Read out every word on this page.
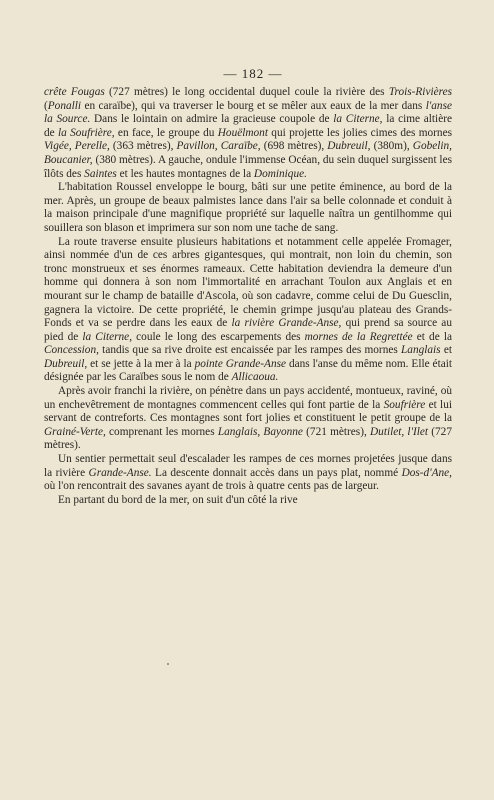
— 182 —

crête Fougas (727 mètres) le long occidental duquel coule la rivière des Trois-Rivières (Ponalli en caraïbe), qui va traverser le bourg et se mêler aux eaux de la mer dans l'anse la Source. Dans le lointain on admire la gracieuse coupole de la Citerne, la cime altière de la Soufrière, en face, le groupe du Houëlmont qui projette les jolies cimes des mornes Vigée, Perelle, (363 mètres), Pavillon, Caraïbe, (698 mètres), Dubreuil, (380m), Gobelin, Boucanier, (380 mètres). A gauche, ondule l'immense Océan, du sein duquel surgissent les îlôts des Saintes et les hautes montagnes de la Dominique.

L'habitation Roussel enveloppe le bourg, bâti sur une petite éminence, au bord de la mer. Après, un groupe de beaux palmistes lance dans l'air sa belle colonnade et conduit à la maison principale d'une magnifique propriété sur laquelle naîtra un gentilhomme qui souillera son blason et imprimera sur son nom une tache de sang.

La route traverse ensuite plusieurs habitations et notamment celle appelée Fromager, ainsi nommée d'un de ces arbres gigantesques, qui montrait, non loin du chemin, son tronc monstrueux et ses énormes rameaux. Cette habitation deviendra la demeure d'un homme qui donnera à son nom l'immortalité en arrachant Toulon aux Anglais et en mourant sur le champ de bataille d'Ascola, où son cadavre, comme celui de Du Guesclin, gagnera la victoire. De cette propriété, le chemin grimpe jusqu'au plateau des Grands-Fonds et va se perdre dans les eaux de la rivière Grande-Anse, qui prend sa source au pied de la Citerne, coule le long des escarpements des mornes de la Regrettée et de la Concession, tandis que sa rive droite est encaissée par les rampes des mornes Langlais et Dubreuil, et se jette à la mer à la pointe Grande-Anse dans l'anse du même nom. Elle était désignée par les Caraïbes sous le nom de Allicaoua.

Après avoir franchi la rivière, on pénètre dans un pays accidenté, montueux, raviné, où un enchevêtrement de montagnes commencent celles qui font partie de la Soufrière et lui servant de contreforts. Ces montagnes sont fort jolies et constituent le petit groupe de la Grainé-Verte, comprenant les mornes Langlais, Bayonne (721 mètres), Dutilet, l'Ilet (727 mètres).

Un sentier permettait seul d'escalader les rampes de ces mornes projetées jusque dans la rivière Grande-Anse. La descente donnait accès dans un pays plat, nommé Dos-d'Ane, où l'on rencontrait des savanes ayant de trois à quatre cents pas de largeur.

En partant du bord de la mer, on suit d'un côté la rive
